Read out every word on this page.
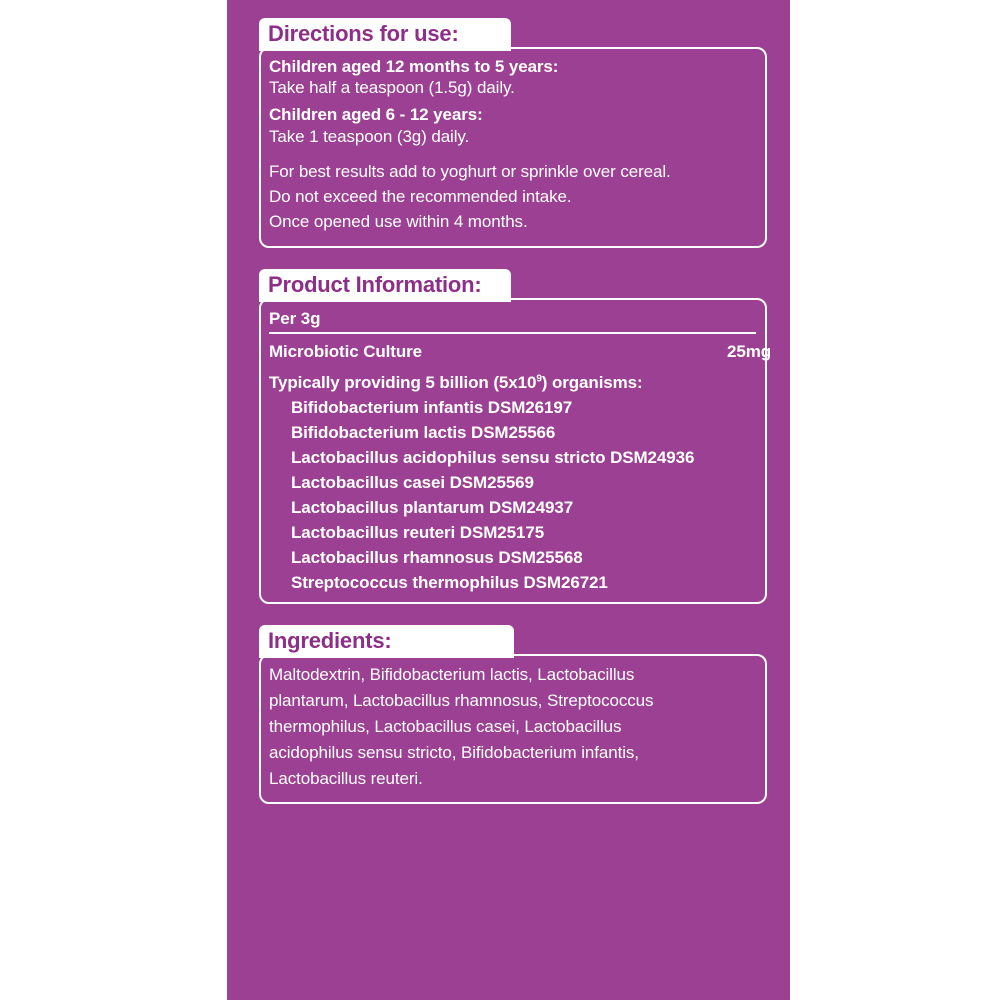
Directions for use:
Children aged 12 months to 5 years:
Take half a teaspoon (1.5g) daily.
Children aged 6 - 12 years:
Take 1 teaspoon (3g) daily.
For best results add to yoghurt or sprinkle over cereal.
Do not exceed the recommended intake.
Once opened use within 4 months.
Product Information:
Per 3g
Microbiotic Culture	25mg
Typically providing 5 billion $(5x10^9)$ organisms:
Bifidobacterium infantis DSM26197
Bifidobacterium lactis DSM25566
Lactobacillus acidophilus sensu stricto DSM24936
Lactobacillus casei DSM25569
Lactobacillus plantarum DSM24937
Lactobacillus reuteri DSM25175
Lactobacillus rhamnosus DSM25568
Streptococcus thermophilus DSM26721
Ingredients:
Maltodextrin, Bifidobacterium lactis, Lactobacillus
plantarum, Lactobacillus rhamnosus, Streptococcus
thermophilus, Lactobacillus casei, Lactobacillus
acidophilus sensu stricto, Bifidobacterium infantis,
Lactobacillus reuteri.
